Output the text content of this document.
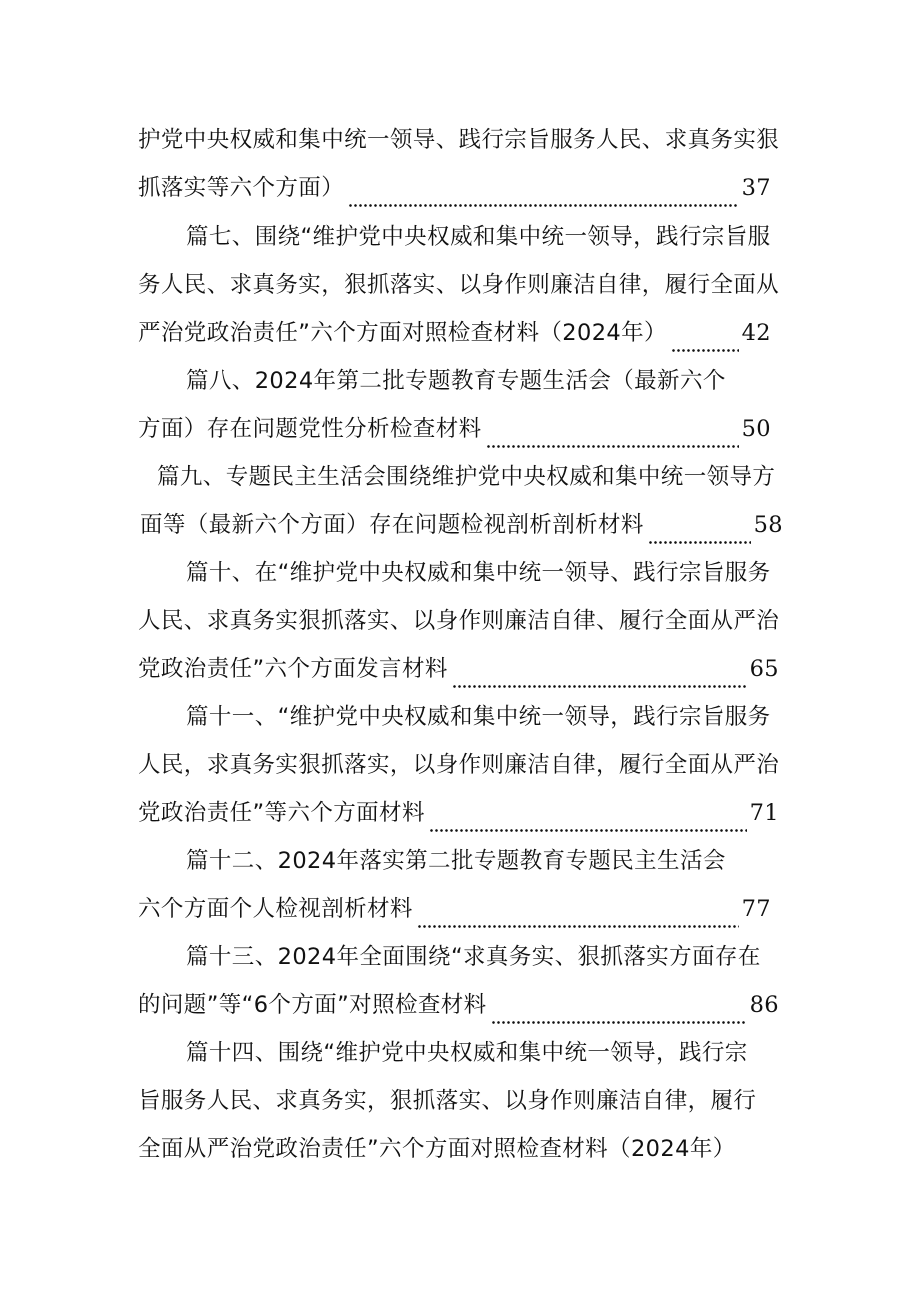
护党中央权威和集中统一领导、践行宗旨服务人民、求真务实狠
抓落实等六个方面）	37
篇七、围绕“维护党中央权威和集中统一领导，践行宗旨服
务人民、求真务实，狠抓落实、以身作则廉洁自律，履行全面从
严治党政治责任”六个方面对照检查材料（2024年）	42
篇八、2024年第二批专题教育专题生活会（最新六个
方面）存在问题党性分析检查材料	50
篇九、专题民主生活会围绕维护党中央权威和集中统一领导方
面等（最新六个方面）存在问题检视剖析剖析材料	58
篇十、在“维护党中央权威和集中统一领导、践行宗旨服务
人民、求真务实狠抓落实、以身作则廉洁自律、履行全面从严治
党政治责任”六个方面发言材料	65
篇十一、“维护党中央权威和集中统一领导，践行宗旨服务
人民，求真务实狠抓落实，以身作则廉洁自律，履行全面从严治
党政治责任”等六个方面材料	71
篇十二、2024年落实第二批专题教育专题民主生活会
六个方面个人检视剖析材料	77
篇十三、2024年全面围绕“求真务实、狠抓落实方面存在
的问题”等“6个方面”对照检查材料	86
篇十四、围绕“维护党中央权威和集中统一领导，践行宗
旨服务人民、求真务实，狠抓落实、以身作则廉洁自律，履行
全面从严治党政治责任”六个方面对照检查材料（2024年）
